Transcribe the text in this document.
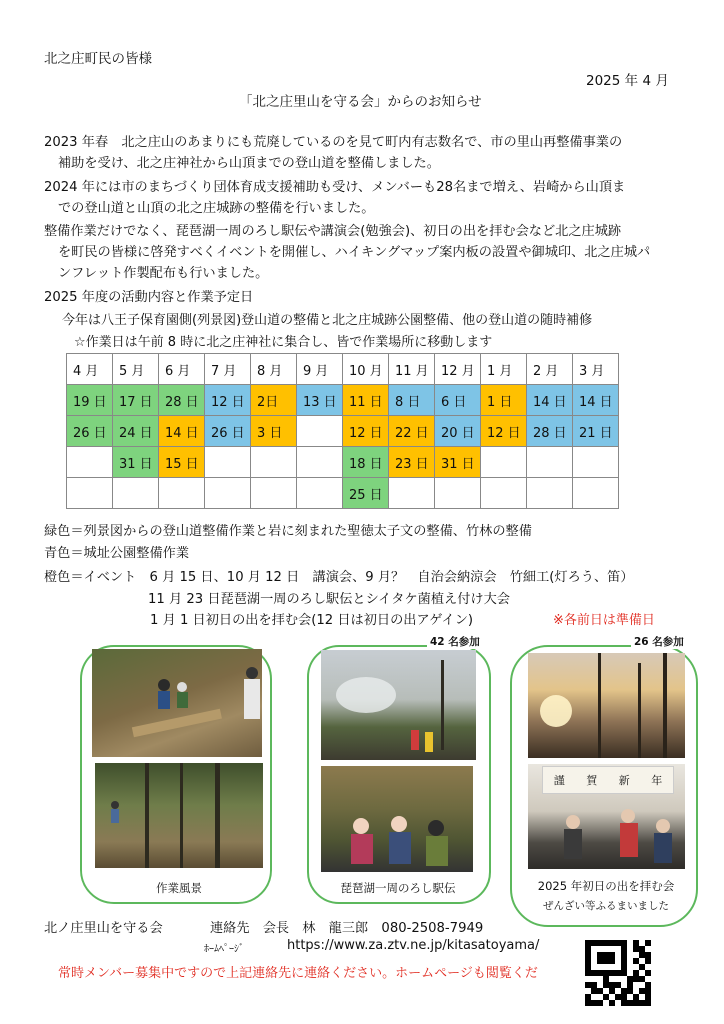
北之庄町民の皆様
2025 年 4 月
「北之庄里山を守る会」からのお知らせ
2023 年春　北之庄山のあまりにも荒廃しているのを見て町内有志数名で、市の里山再整備事業の
補助を受け、北之庄神社から山頂までの登山道を整備しました。
2024 年には市のまちづくり団体育成支援補助も受け、メンバーも28名まで増え、岩崎から山頂ま
での登山道と山頂の北之庄城跡の整備を行いました。
整備作業だけでなく、琵琶湖一周のろし駅伝や講演会(勉強会)、初日の出を拝む会など北之庄城跡
を町民の皆様に啓発すべくイベントを開催し、ハイキングマップ案内板の設置や御城印、北之庄城パ
ンフレット作製配布も行いました。
2025 年度の活動内容と作業予定日
今年は八王子保育園側(列景図)登山道の整備と北之庄城跡公園整備、他の登山道の随時補修
☆作業日は午前 8 時に北之庄神社に集合し、皆で作業場所に移動します
4 月	5 月	6 月	7 月	8 月	9 月	10 月	11 月	12 月	1 月	2 月	3 月
19 日	17 日	28 日	12 日	2日	13 日	11 日	8 日	6 日	1 日	14 日	14 日
26 日	24 日	14 日	26 日	3 日		12 日	22 日	20 日	12 日	28 日	21 日
	31 日	15 日				18 日	23 日	31 日			
						25 日					
緑色＝列景図からの登山道整備作業と岩に刻まれた聖徳太子文の整備、竹林の整備
青色＝城址公園整備作業
橙色＝イベント　6 月 15 日、10 月 12 日　講演会、9 月？　自治会納涼会　竹細工(灯ろう、笛）
11 月 23 日琵琶湖一周のろし駅伝とシイタケ菌植え付け大会
1 月 1 日初日の出を拝む会(12 日は初日の出アゲイン)	※各前日は準備日
作業風景
42 名参加
琵琶湖一周のろし駅伝
26 名参加
謹 賀 新 年
2025 年初日の出を拝む会
ぜんざい等ふるまいました
北ノ庄里山を守る会	連絡先　会長　林　龍三郎　080-2508-7949
ﾎｰﾑﾍﾟｰｼﾞ	https://www.za.ztv.ne.jp/kitasatoyama/
常時メンバー募集中ですので上記連絡先に連絡ください。ホームページも閲覧くだ
